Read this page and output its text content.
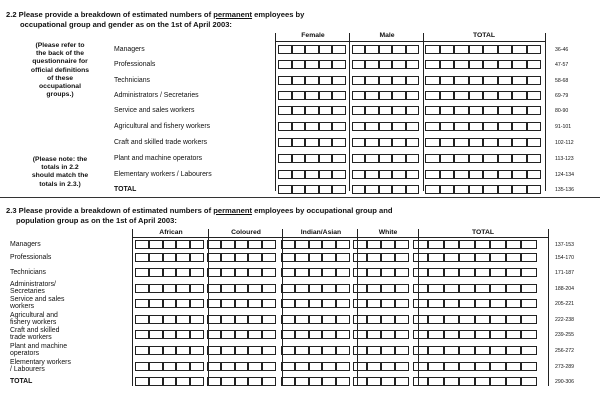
2.2 Please provide a breakdown of estimated numbers of permanent employees by
occupational group and gender as on the 1st of April 2003:
(Please refer to
the back of the
questionnaire for
official definitions
of these
occupational
groups.)
(Please note: the
totals in 2.2
should match the
totals in 2.3.)
Female	Male	TOTAL
Managers	36-46
Professionals	47-57
Technicians	58-68
Administrators / Secretaries	69-79
Service and sales workers	80-90
Agricultural and fishery workers	91-101
Craft and skilled trade workers	102-112
Plant and machine operators	113-123
Elementary workers / Labourers	124-134
TOTAL	135-136
2.3 Please provide a breakdown of estimated numbers of permanent employees by occupational group and
population group as on the 1st of April 2003:
African	Coloured	Indian/Asian	White	TOTAL
Managers	137-153
Professionals	154-170
Technicians	171-187
Administrators/
Secretaries	188-204
Service and sales
workers	205-221
Agricultural and
fishery workers	222-238
Craft and skilled
trade workers	239-255
Plant and machine
operators	256-272
Elementary workers
/ Labourers	273-289
TOTAL	290-306
